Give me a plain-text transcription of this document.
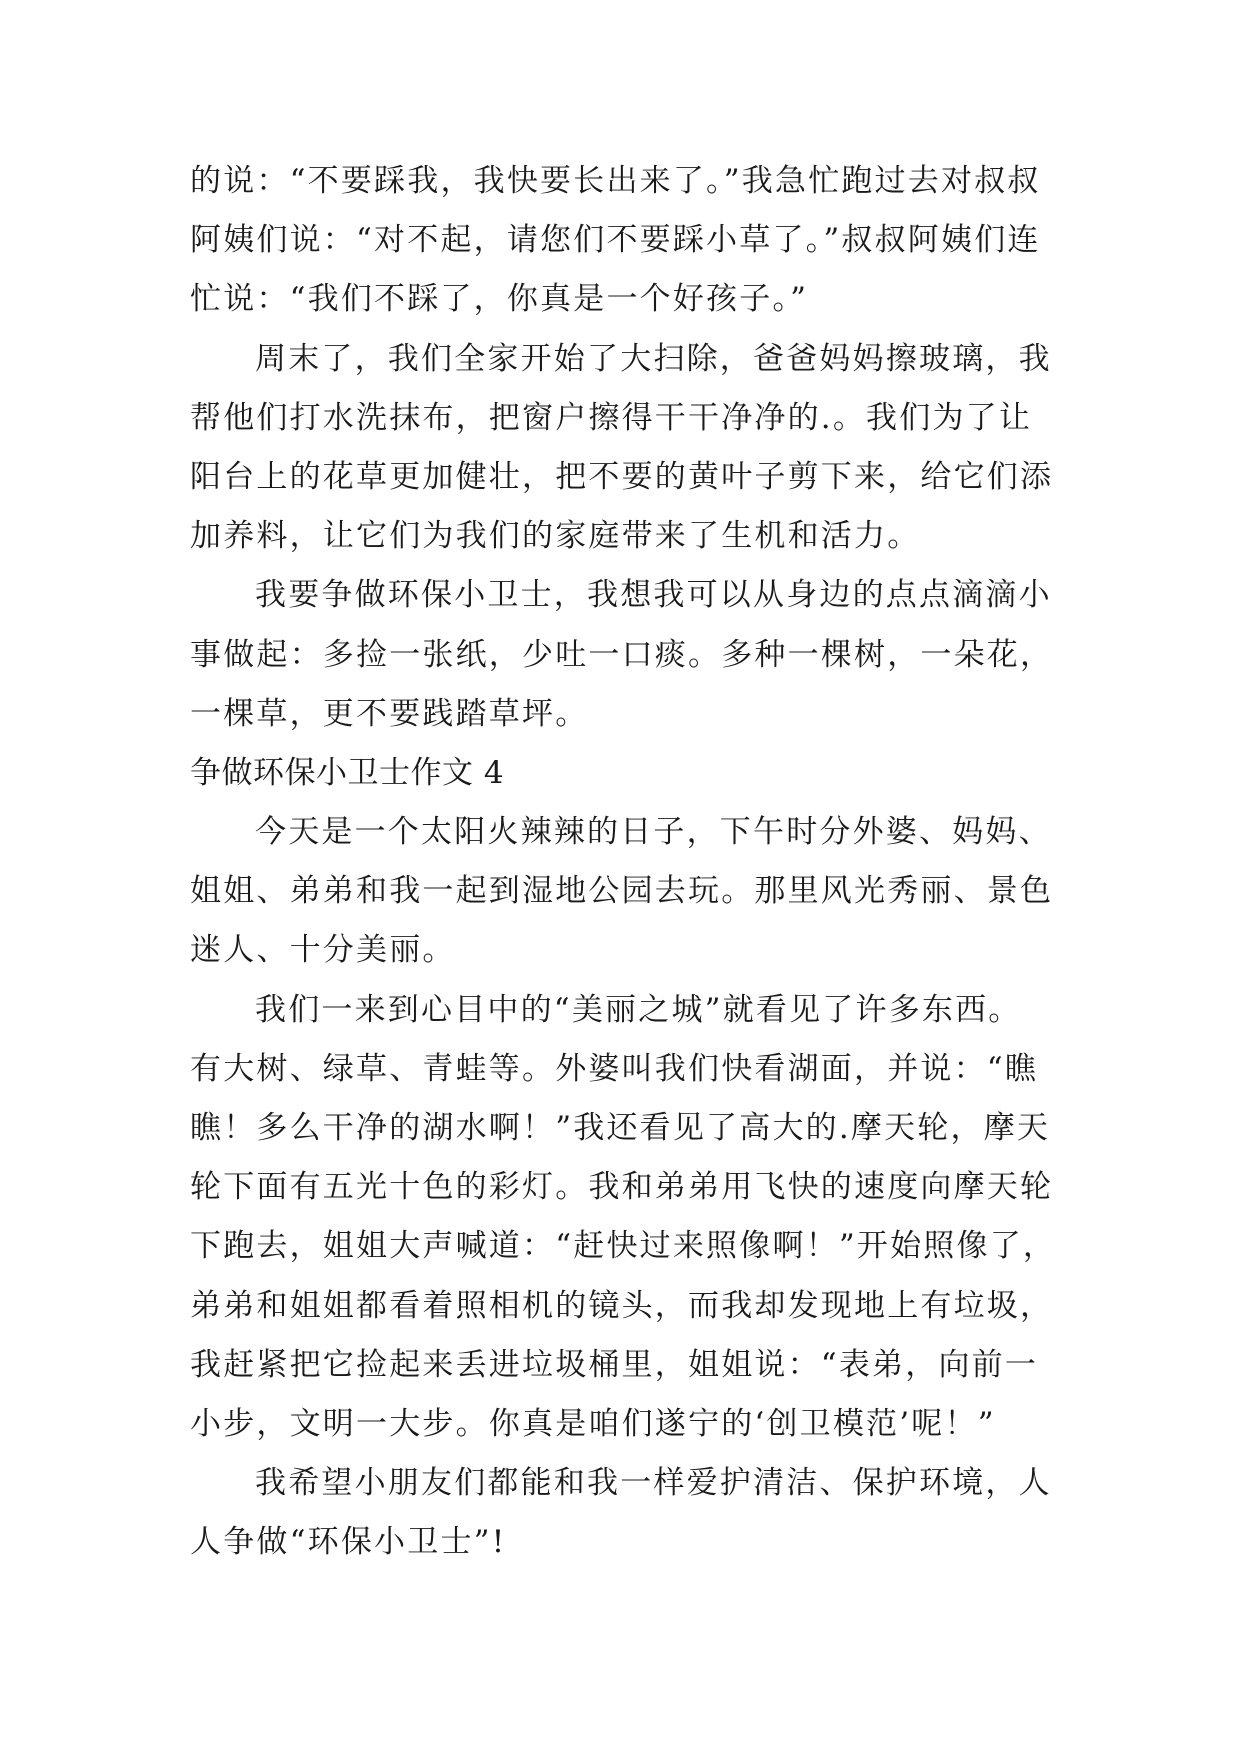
的说：“不要踩我，我快要长出来了。”我急忙跑过去对叔叔
阿姨们说：“对不起，请您们不要踩小草了。”叔叔阿姨们连
忙说：“我们不踩了，你真是一个好孩子。”
周末了，我们全家开始了大扫除，爸爸妈妈擦玻璃，我
帮他们打水洗抹布，把窗户擦得干干净净的.。我们为了让
阳台上的花草更加健壮，把不要的黄叶子剪下来，给它们添
加养料，让它们为我们的家庭带来了生机和活力。
我要争做环保小卫士，我想我可以从身边的点点滴滴小
事做起：多捡一张纸，少吐一口痰。多种一棵树，一朵花，
一棵草，更不要践踏草坪。
争做环保小卫士作文 4
今天是一个太阳火辣辣的日子，下午时分外婆、妈妈、
姐姐、弟弟和我一起到湿地公园去玩。那里风光秀丽、景色
迷人、十分美丽。
我们一来到心目中的“美丽之城”就看见了许多东西。
有大树、绿草、青蛙等。外婆叫我们快看湖面，并说：“瞧
瞧！多么干净的湖水啊！”我还看见了高大的.摩天轮，摩天
轮下面有五光十色的彩灯。我和弟弟用飞快的速度向摩天轮
下跑去，姐姐大声喊道：“赶快过来照像啊！”开始照像了，
弟弟和姐姐都看着照相机的镜头，而我却发现地上有垃圾，
我赶紧把它捡起来丢进垃圾桶里，姐姐说：“表弟，向前一
小步，文明一大步。你真是咱们遂宁的‘创卫模范’呢！”
我希望小朋友们都能和我一样爱护清洁、保护环境，人
人争做“环保小卫士”!
